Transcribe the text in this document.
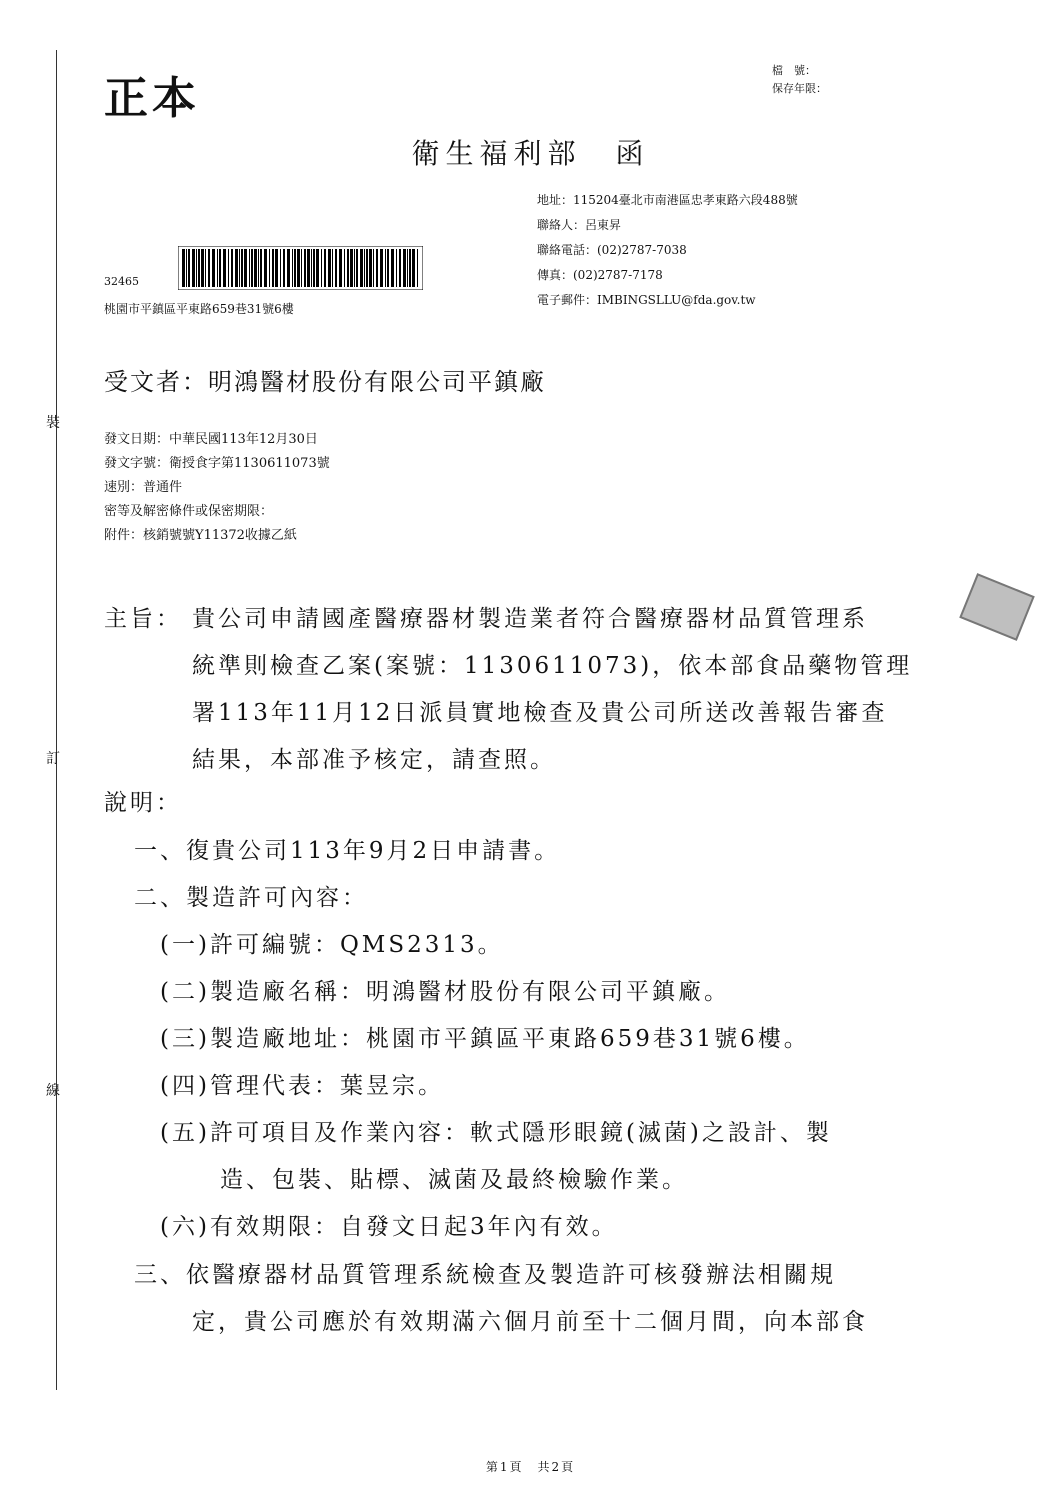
裝
訂
線
正本
檔　號：
保存年限：
衛生福利部　函
地址：115204臺北市南港區忠孝東路六段488號
聯絡人：呂東昇
聯絡電話：(02)2787-7038
傳真：(02)2787-7178
電子郵件：IMBINGSLLU@fda.gov.tw
32465
桃園市平鎮區平東路659巷31號6樓
受文者：明鴻醫材股份有限公司平鎮廠
發文日期：中華民國113年12月30日
發文字號：衛授食字第1130611073號
速別：普通件
密等及解密條件或保密期限：
附件：核銷號號Y11372收據乙紙
主旨： 貴公司申請國產醫療器材製造業者符合醫療器材品質管理系
統準則檢查乙案(案號：1130611073)，依本部食品藥物管理
署113年11月12日派員實地檢查及貴公司所送改善報告審查
結果，本部准予核定，請查照。
說明：
一、復貴公司113年9月2日申請書。
二、製造許可內容：
(一)許可編號：QMS2313。
(二)製造廠名稱：明鴻醫材股份有限公司平鎮廠。
(三)製造廠地址：桃園市平鎮區平東路659巷31號6樓。
(四)管理代表：葉昱宗。
(五)許可項目及作業內容：軟式隱形眼鏡(滅菌)之設計、製
造、包裝、貼標、滅菌及最終檢驗作業。
(六)有效期限：自發文日起3年內有效。
三、依醫療器材品質管理系統檢查及製造許可核發辦法相關規
定，貴公司應於有效期滿六個月前至十二個月間，向本部食
第1頁　共2頁
